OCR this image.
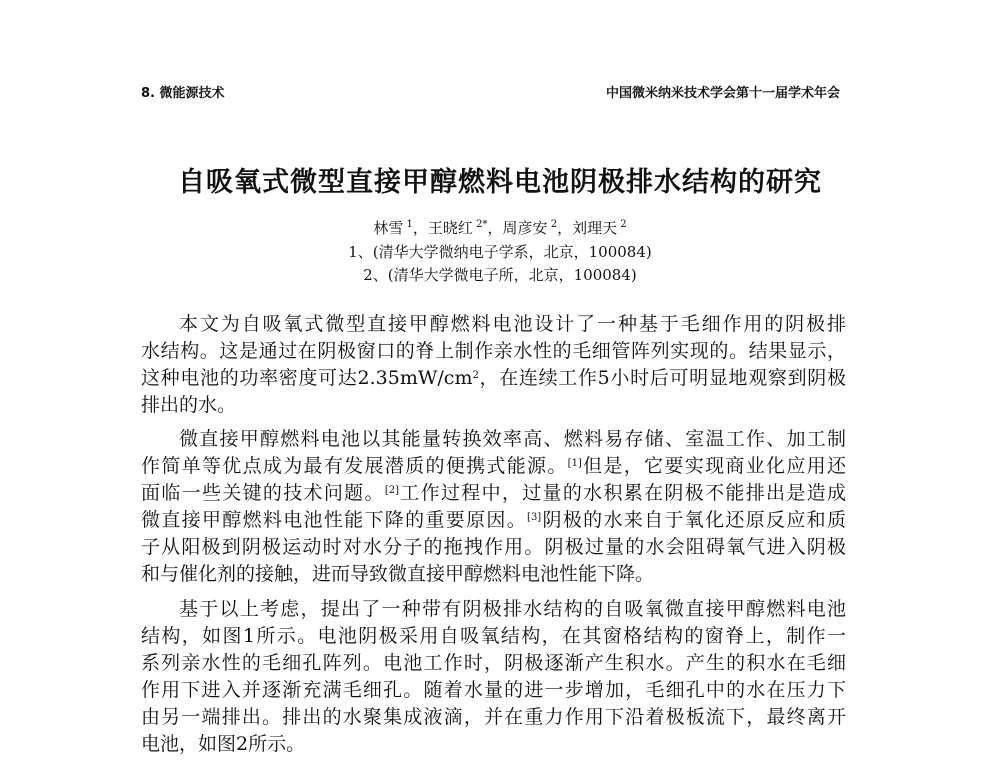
8. 微能源技术	中国微米纳米技术学会第十一届学术年会
自吸氧式微型直接甲醇燃料电池阴极排水结构的研究
林雪 $^1$，王晓红 $^{2*}$，周彦安 $^2$，刘理天 $^2$
1、(清华大学微纳电子学系，北京，100084)
2、(清华大学微电子所，北京，100084)
本文为自吸氧式微型直接甲醇燃料电池设计了一种基于毛细作用的阴极排
水结构。这是通过在阴极窗口的脊上制作亲水性的毛细管阵列实现的。结果显示，
这种电池的功率密度可达$2.35mW/cm^2$，在连续工作5小时后可明显地观察到阴极
排出的水。
微直接甲醇燃料电池以其能量转换效率高、燃料易存储、室温工作、加工制
作简单等优点成为最有发展潜质的便携式能源。[1]但是，它要实现商业化应用还
面临一些关键的技术问题。[2]工作过程中，过量的水积累在阴极不能排出是造成
微直接甲醇燃料电池性能下降的重要原因。[3]阴极的水来自于氧化还原反应和质
子从阳极到阴极运动时对水分子的拖拽作用。阴极过量的水会阻碍氧气进入阴极
和与催化剂的接触，进而导致微直接甲醇燃料电池性能下降。
基于以上考虑，提出了一种带有阴极排水结构的自吸氧微直接甲醇燃料电池
结构，如图1所示。电池阴极采用自吸氧结构，在其窗格结构的窗脊上，制作一
系列亲水性的毛细孔阵列。电池工作时，阴极逐渐产生积水。产生的积水在毛细
作用下进入并逐渐充满毛细孔。随着水量的进一步增加，毛细孔中的水在压力下
由另一端排出。排出的水聚集成液滴，并在重力作用下沿着极板流下，最终离开
电池，如图2所示。
